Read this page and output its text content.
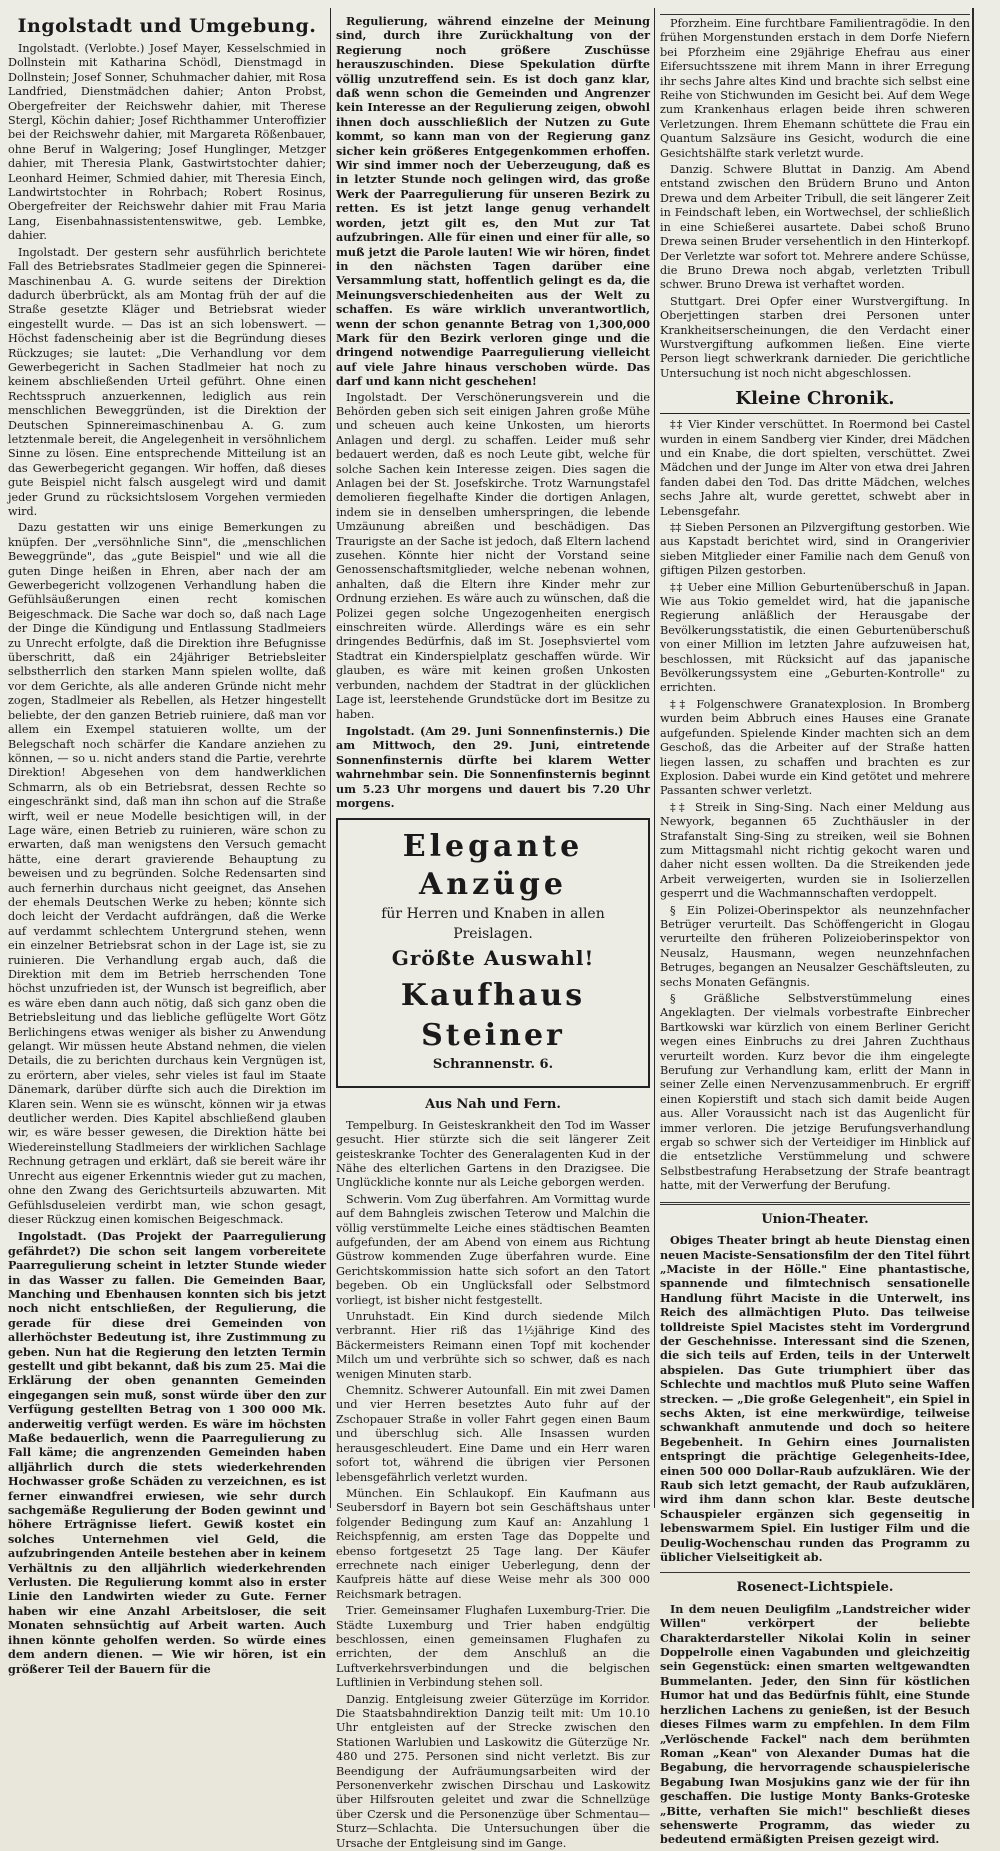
Ingolstadt und Umgebung.

Ingolstadt. (Verlobte.) Josef Mayer, Kesselschmied in Dollnstein mit Katharina Schödl, Dienstmagd in Dollnstein; Josef Sonner, Schuhmacher dahier, mit Rosa Landfried, Dienstmädchen dahier; Anton Probst, Obergefreiter der Reichswehr dahier, mit Therese Stergl, Köchin dahier; Josef Richthammer Unteroffizier bei der Reichswehr dahier, mit Margareta Rößenbauer, ohne Beruf in Walgering; Josef Hunglinger, Metzger dahier, mit Theresia Plank, Gastwirtstochter dahier; Leonhard Heimer, Schmied dahier, mit Theresia Einch, Landwirtstochter in Rohrbach; Robert Rosinus, Obergefreiter der Reichswehr dahier mit Frau Maria Lang, Eisenbahnassistentenswitwe, geb. Lembke, dahier.

Ingolstadt. Der gestern sehr ausführlich berichtete Fall des Betriebsrates Stadlmeier gegen die Spinnerei-Maschinenbau A. G. wurde seitens der Direktion dadurch überbrückt, als am Montag früh der auf die Straße gesetzte Kläger und Betriebsrat wieder eingestellt wurde. — Das ist an sich lobenswert. — Höchst fadenscheinig aber ist die Begründung dieses Rückzuges; sie lautet: „Die Verhandlung vor dem Gewerbegericht in Sachen Stadlmeier hat noch zu keinem abschließenden Urteil geführt. Ohne einen Rechtsspruch anzuerkennen, lediglich aus rein menschlichen Beweggründen, ist die Direktion der Deutschen Spinnereimaschinenbau A. G. zum letztenmale bereit, die Angelegenheit in versöhnlichem Sinne zu lösen. Eine entsprechende Mitteilung ist an das Gewerbegericht gegangen. Wir hoffen, daß dieses gute Beispiel nicht falsch ausgelegt wird und damit jeder Grund zu rücksichtslosem Vorgehen vermieden wird.

Dazu gestatten wir uns einige Bemerkungen zu knüpfen. Der „versöhnliche Sinn", die „menschlichen Beweggründe", das „gute Beispiel" und wie all die guten Dinge heißen in Ehren, aber nach der am Gewerbegericht vollzogenen Verhandlung haben die Gefühlsäußerungen einen recht komischen Beigeschmack. Die Sache war doch so, daß nach Lage der Dinge die Kündigung und Entlassung Stadlmeiers zu Unrecht erfolgte, daß die Direktion ihre Befugnisse überschritt, daß ein 24jähriger Betriebsleiter selbstherrlich den starken Mann spielen wollte, daß vor dem Gerichte, als alle anderen Gründe nicht mehr zogen, Stadlmeier als Rebellen, als Hetzer hingestellt beliebte, der den ganzen Betrieb ruiniere, daß man vor allem ein Exempel statuieren wollte, um der Belegschaft noch schärfer die Kandare anziehen zu können, — so u. nicht anders stand die Partie, verehrte Direktion! Abgesehen von dem handwerklichen Schmarrn, als ob ein Betriebsrat, dessen Rechte so eingeschränkt sind, daß man ihn schon auf die Straße wirft, weil er neue Modelle besichtigen will, in der Lage wäre, einen Betrieb zu ruinieren, wäre schon zu erwarten, daß man wenigstens den Versuch gemacht hätte, eine derart gravierende Behauptung zu beweisen und zu begründen. Solche Redensarten sind auch fernerhin durchaus nicht geeignet, das Ansehen der ehemals Deutschen Werke zu heben; könnte sich doch leicht der Verdacht aufdrängen, daß die Werke auf verdammt schlechtem Untergrund stehen, wenn ein einzelner Betriebsrat schon in der Lage ist, sie zu ruinieren. Die Verhandlung ergab auch, daß die Direktion mit dem im Betrieb herrschenden Tone höchst unzufrieden ist, der Wunsch ist begreiflich, aber es wäre eben dann auch nötig, daß sich ganz oben die Betriebsleitung und das liebliche geflügelte Wort Götz Berlichingens etwas weniger als bisher zu Anwendung gelangt. Wir müssen heute Abstand nehmen, die vielen Details, die zu berichten durchaus kein Vergnügen ist, zu erörtern, aber vieles, sehr vieles ist faul im Staate Dänemark, darüber dürfte sich auch die Direktion im Klaren sein. Wenn sie es wünscht, können wir ja etwas deutlicher werden. Dies Kapitel abschließend glauben wir, es wäre besser gewesen, die Direktion hätte bei Wiedereinstellung Stadlmeiers der wirklichen Sachlage Rechnung getragen und erklärt, daß sie bereit wäre ihr Unrecht aus eigener Erkenntnis wieder gut zu machen, ohne den Zwang des Gerichtsurteils abzuwarten. Mit Gefühlsduseleien verdirbt man, wie schon gesagt, dieser Rückzug einen komischen Beigeschmack.

Ingolstadt. (Das Projekt der Paarregulierung gefährdet?) Die schon seit langem vorbereitete Paarregulierung scheint in letzter Stunde wieder in das Wasser zu fallen. Die Gemeinden Baar, Manching und Ebenhausen konnten sich bis jetzt noch nicht entschließen, der Regulierung, die gerade für diese drei Gemeinden von allerhöchster Bedeutung ist, ihre Zustimmung zu geben. Nun hat die Regierung den letzten Termin gestellt und gibt bekannt, daß bis zum 25. Mai die Erklärung der oben genannten Gemeinden eingegangen sein muß, sonst würde über den zur Verfügung gestellten Betrag von 1 300 000 Mk. anderweitig verfügt werden. Es wäre im höchsten Maße bedauerlich, wenn die Paarregulierung zu Fall käme; die angrenzenden Gemeinden haben alljährlich durch die stets wiederkehrenden Hochwasser große Schäden zu verzeichnen, es ist ferner einwandfrei erwiesen, wie sehr durch sachgemäße Regulierung der Boden gewinnt und höhere Erträgnisse liefert. Gewiß kostet ein solches Unternehmen viel Geld, die aufzubringenden Anteile bestehen aber in keinem Verhältnis zu den alljährlich wiederkehrenden Verlusten. Die Regulierung kommt also in erster Linie den Landwirten wieder zu Gute. Ferner haben wir eine Anzahl Arbeitsloser, die seit Monaten sehnsüchtig auf Arbeit warten. Auch ihnen könnte geholfen werden. So würde eines dem andern dienen. — Wie wir hören, ist ein größerer Teil der Bauern für die

Regulierung, während einzelne der Meinung sind, durch ihre Zurückhaltung von der Regierung noch größere Zuschüsse herauszuschinden. Diese Spekulation dürfte völlig unzutreffend sein. Es ist doch ganz klar, daß wenn schon die Gemeinden und Angrenzer kein Interesse an der Regulierung zeigen, obwohl ihnen doch ausschließlich der Nutzen zu Gute kommt, so kann man von der Regierung ganz sicher kein größeres Entgegenkommen erhoffen. Wir sind immer noch der Ueberzeugung, daß es in letzter Stunde noch gelingen wird, das große Werk der Paarregulierung für unseren Bezirk zu retten. Es ist jetzt lange genug verhandelt worden, jetzt gilt es, den Mut zur Tat aufzubringen. Alle für einen und einer für alle, so muß jetzt die Parole lauten! Wie wir hören, findet in den nächsten Tagen darüber eine Versammlung statt, hoffentlich gelingt es da, die Meinungsverschiedenheiten aus der Welt zu schaffen. Es wäre wirklich unverantwortlich, wenn der schon genannte Betrag von 1,300,000 Mark für den Bezirk verloren ginge und die dringend notwendige Paarregulierung vielleicht auf viele Jahre hinaus verschoben würde. Das darf und kann nicht geschehen!

Ingolstadt. Der Verschönerungsverein und die Behörden geben sich seit einigen Jahren große Mühe und scheuen auch keine Unkosten, um hierorts Anlagen und dergl. zu schaffen. Leider muß sehr bedauert werden, daß es noch Leute gibt, welche für solche Sachen kein Interesse zeigen. Dies sagen die Anlagen bei der St. Josefskirche. Trotz Warnungstafel demolieren fiegelhafte Kinder die dortigen Anlagen, indem sie in denselben umherspringen, die lebende Umzäunung abreißen und beschädigen. Das Traurigste an der Sache ist jedoch, daß Eltern lachend zusehen. Könnte hier nicht der Vorstand seine Genossenschaftsmitglieder, welche nebenan wohnen, anhalten, daß die Eltern ihre Kinder mehr zur Ordnung erziehen. Es wäre auch zu wünschen, daß die Polizei gegen solche Ungezogenheiten energisch einschreiten würde. Allerdings wäre es ein sehr dringendes Bedürfnis, daß im St. Josephsviertel vom Stadtrat ein Kinderspielplatz geschaffen würde. Wir glauben, es wäre mit keinen großen Unkosten verbunden, nachdem der Stadtrat in der glücklichen Lage ist, leerstehende Grundstücke dort im Besitze zu haben.

Ingolstadt. (Am 29. Juni Sonnenfinsternis.) Die am Mittwoch, den 29. Juni, eintretende Sonnenfinsternis dürfte bei klarem Wetter wahrnehmbar sein. Die Sonnenfinsternis beginnt um 5.23 Uhr morgens und dauert bis 7.20 Uhr morgens.

Elegante Anzüge
für Herren und Knaben in allen Preislagen.
Größte Auswahl!
Kaufhaus Steiner
Schrannenstr. 6.
Aus Nah und Fern.

Tempelburg. In Geisteskrankheit den Tod im Wasser gesucht. Hier stürzte sich die seit längerer Zeit geisteskranke Tochter des Generalagenten Kud in der Nähe des elterlichen Gartens in den Drazigsee. Die Unglückliche konnte nur als Leiche geborgen werden.

Schwerin. Vom Zug überfahren. Am Vormittag wurde auf dem Bahngleis zwischen Teterow und Malchin die völlig verstümmelte Leiche eines städtischen Beamten aufgefunden, der am Abend von einem aus Richtung Güstrow kommenden Zuge überfahren wurde. Eine Gerichtskommission hatte sich sofort an den Tatort begeben. Ob ein Unglücksfall oder Selbstmord vorliegt, ist bisher nicht festgestellt.

Unruhstadt. Ein Kind durch siedende Milch verbrannt. Hier riß das 1½jährige Kind des Bäckermeisters Reimann einen Topf mit kochender Milch um und verbrühte sich so schwer, daß es nach wenigen Minuten starb.

Chemnitz. Schwerer Autounfall. Ein mit zwei Damen und vier Herren besetztes Auto fuhr auf der Zschopauer Straße in voller Fahrt gegen einen Baum und überschlug sich. Alle Insassen wurden herausgeschleudert. Eine Dame und ein Herr waren sofort tot, während die übrigen vier Personen lebensgefährlich verletzt wurden.

München. Ein Schlaukopf. Ein Kaufmann aus Seubersdorf in Bayern bot sein Geschäftshaus unter folgender Bedingung zum Kauf an: Anzahlung 1 Reichspfennig, am ersten Tage das Doppelte und ebenso fortgesetzt 25 Tage lang. Der Käufer errechnete nach einiger Ueberlegung, denn der Kaufpreis hätte auf diese Weise mehr als 300 000 Reichsmark betragen.

Trier. Gemeinsamer Flughafen Luxemburg-Trier. Die Städte Luxemburg und Trier haben endgültig beschlossen, einen gemeinsamen Flughafen zu errichten, der dem Anschluß an die Luftverkehrsverbindungen und die belgischen Luftlinien in Verbindung stehen soll.

Danzig. Entgleisung zweier Güterzüge im Korridor. Die Staatsbahndirektion Danzig teilt mit: Um 10.10 Uhr entgleisten auf der Strecke zwischen den Stationen Warlubien und Laskowitz die Güterzüge Nr. 480 und 275. Personen sind nicht verletzt. Bis zur Beendigung der Aufräumungsarbeiten wird der Personenverkehr zwischen Dirschau und Laskowitz über Hilfsrouten geleitet und zwar die Schnellzüge über Czersk und die Personenzüge über Schmentau—Sturz—Schlachta. Die Untersuchungen über die Ursache der Entgleisung sind im Gange.

Pforzheim. Eine furchtbare Familientragödie. In den frühen Morgenstunden erstach in dem Dorfe Niefern bei Pforzheim eine 29jährige Ehefrau aus einer Eifersuchtsszene mit ihrem Mann in ihrer Erregung ihr sechs Jahre altes Kind und brachte sich selbst eine Reihe von Stichwunden im Gesicht bei. Auf dem Wege zum Krankenhaus erlagen beide ihren schweren Verletzungen. Ihrem Ehemann schüttete die Frau ein Quantum Salzsäure ins Gesicht, wodurch die eine Gesichtshälfte stark verletzt wurde.

Danzig. Schwere Bluttat in Danzig. Am Abend entstand zwischen den Brüdern Bruno und Anton Drewa und dem Arbeiter Tribull, die seit längerer Zeit in Feindschaft leben, ein Wortwechsel, der schließlich in eine Schießerei ausartete. Dabei schoß Bruno Drewa seinen Bruder versehentlich in den Hinterkopf. Der Verletzte war sofort tot. Mehrere andere Schüsse, die Bruno Drewa noch abgab, verletzten Tribull schwer. Bruno Drewa ist verhaftet worden.

Stuttgart. Drei Opfer einer Wurstvergiftung. In Oberjettingen starben drei Personen unter Krankheitserscheinungen, die den Verdacht einer Wurstvergiftung aufkommen ließen. Eine vierte Person liegt schwerkrank darnieder. Die gerichtliche Untersuchung ist noch nicht abgeschlossen.

Kleine Chronik.

‡‡ Vier Kinder verschüttet. In Roermond bei Castel wurden in einem Sandberg vier Kinder, drei Mädchen und ein Knabe, die dort spielten, verschüttet. Zwei Mädchen und der Junge im Alter von etwa drei Jahren fanden dabei den Tod. Das dritte Mädchen, welches sechs Jahre alt, wurde gerettet, schwebt aber in Lebensgefahr.

‡‡ Sieben Personen an Pilzvergiftung gestorben. Wie aus Kapstadt berichtet wird, sind in Orangerivier sieben Mitglieder einer Familie nach dem Genuß von giftigen Pilzen gestorben.

‡‡ Ueber eine Million Geburtenüberschuß in Japan. Wie aus Tokio gemeldet wird, hat die japanische Regierung anläßlich der Herausgabe der Bevölkerungsstatistik, die einen Geburtenüberschuß von einer Million im letzten Jahre aufzuweisen hat, beschlossen, mit Rücksicht auf das japanische Bevölkerungssystem eine „Geburten-Kontrolle" zu errichten.

‡‡ Folgenschwere Granatexplosion. In Bromberg wurden beim Abbruch eines Hauses eine Granate aufgefunden. Spielende Kinder machten sich an dem Geschoß, das die Arbeiter auf der Straße hatten liegen lassen, zu schaffen und brachten es zur Explosion. Dabei wurde ein Kind getötet und mehrere Passanten schwer verletzt.

‡‡ Streik in Sing-Sing. Nach einer Meldung aus Newyork, begannen 65 Zuchthäusler in der Strafanstalt Sing-Sing zu streiken, weil sie Bohnen zum Mittagsmahl nicht richtig gekocht waren und daher nicht essen wollten. Da die Streikenden jede Arbeit verweigerten, wurden sie in Isolierzellen gesperrt und die Wachmannschaften verdoppelt.

§ Ein Polizei-Oberinspektor als neunzehnfacher Betrüger verurteilt. Das Schöffengericht in Glogau verurteilte den früheren Polizeioberinspektor von Neusalz, Hausmann, wegen neunzehnfachen Betruges, begangen an Neusalzer Geschäftsleuten, zu sechs Monaten Gefängnis.

§ Gräßliche Selbstverstümmelung eines Angeklagten. Der vielmals vorbestrafte Einbrecher Bartkowski war kürzlich von einem Berliner Gericht wegen eines Einbruchs zu drei Jahren Zuchthaus verurteilt worden. Kurz bevor die ihm eingelegte Berufung zur Verhandlung kam, erlitt der Mann in seiner Zelle einen Nervenzusammenbruch. Er ergriff einen Kopierstift und stach sich damit beide Augen aus. Aller Voraussicht nach ist das Augenlicht für immer verloren. Die jetzige Berufungsverhandlung ergab so schwer sich der Verteidiger im Hinblick auf die entsetzliche Verstümmelung und schwere Selbstbestrafung Herabsetzung der Strafe beantragt hatte, mit der Verwerfung der Berufung.

Union-Theater.

Obiges Theater bringt ab heute Dienstag einen neuen Maciste-Sensationsfilm der den Titel führt „Maciste in der Hölle." Eine phantastische, spannende und filmtechnisch sensationelle Handlung führt Maciste in die Unterwelt, ins Reich des allmächtigen Pluto. Das teilweise tolldreiste Spiel Macistes steht im Vordergrund der Geschehnisse. Interessant sind die Szenen, die sich teils auf Erden, teils in der Unterwelt abspielen. Das Gute triumphiert über das Schlechte und machtlos muß Pluto seine Waffen strecken. — „Die große Gelegenheit", ein Spiel in sechs Akten, ist eine merkwürdige, teilweise schwankhaft anmutende und doch so heitere Begebenheit. In Gehirn eines Journalisten entspringt die prächtige Gelegenheits-Idee, einen 500 000 Dollar-Raub aufzuklären. Wie der Raub sich letzt gemacht, der Raub aufzuklären, wird ihm dann schon klar. Beste deutsche Schauspieler ergänzen sich gegenseitig in lebenswarmem Spiel. Ein lustiger Film und die Deulig-Wochenschau runden das Programm zu üblicher Vielseitigkeit ab.

Rosenect-Lichtspiele.

In dem neuen Deuligfilm „Landstreicher wider Willen" verkörpert der beliebte Charakterdarsteller Nikolai Kolin in seiner Doppelrolle einen Vagabunden und gleichzeitig sein Gegenstück: einen smarten weltgewandten Bummelanten. Jeder, den Sinn für köstlichen Humor hat und das Bedürfnis fühlt, eine Stunde herzlichen Lachens zu genießen, ist der Besuch dieses Filmes warm zu empfehlen. In dem Film „Verlöschende Fackel" nach dem berühmten Roman „Kean" von Alexander Dumas hat die Begabung, die hervorragende schauspielerische Begabung Iwan Mosjukins ganz wie der für ihn geschaffen. Die lustige Monty Banks-Groteske „Bitte, verhaften Sie mich!" beschließt dieses sehenswerte Programm, das wieder zu bedeutend ermäßigten Preisen gezeigt wird.
